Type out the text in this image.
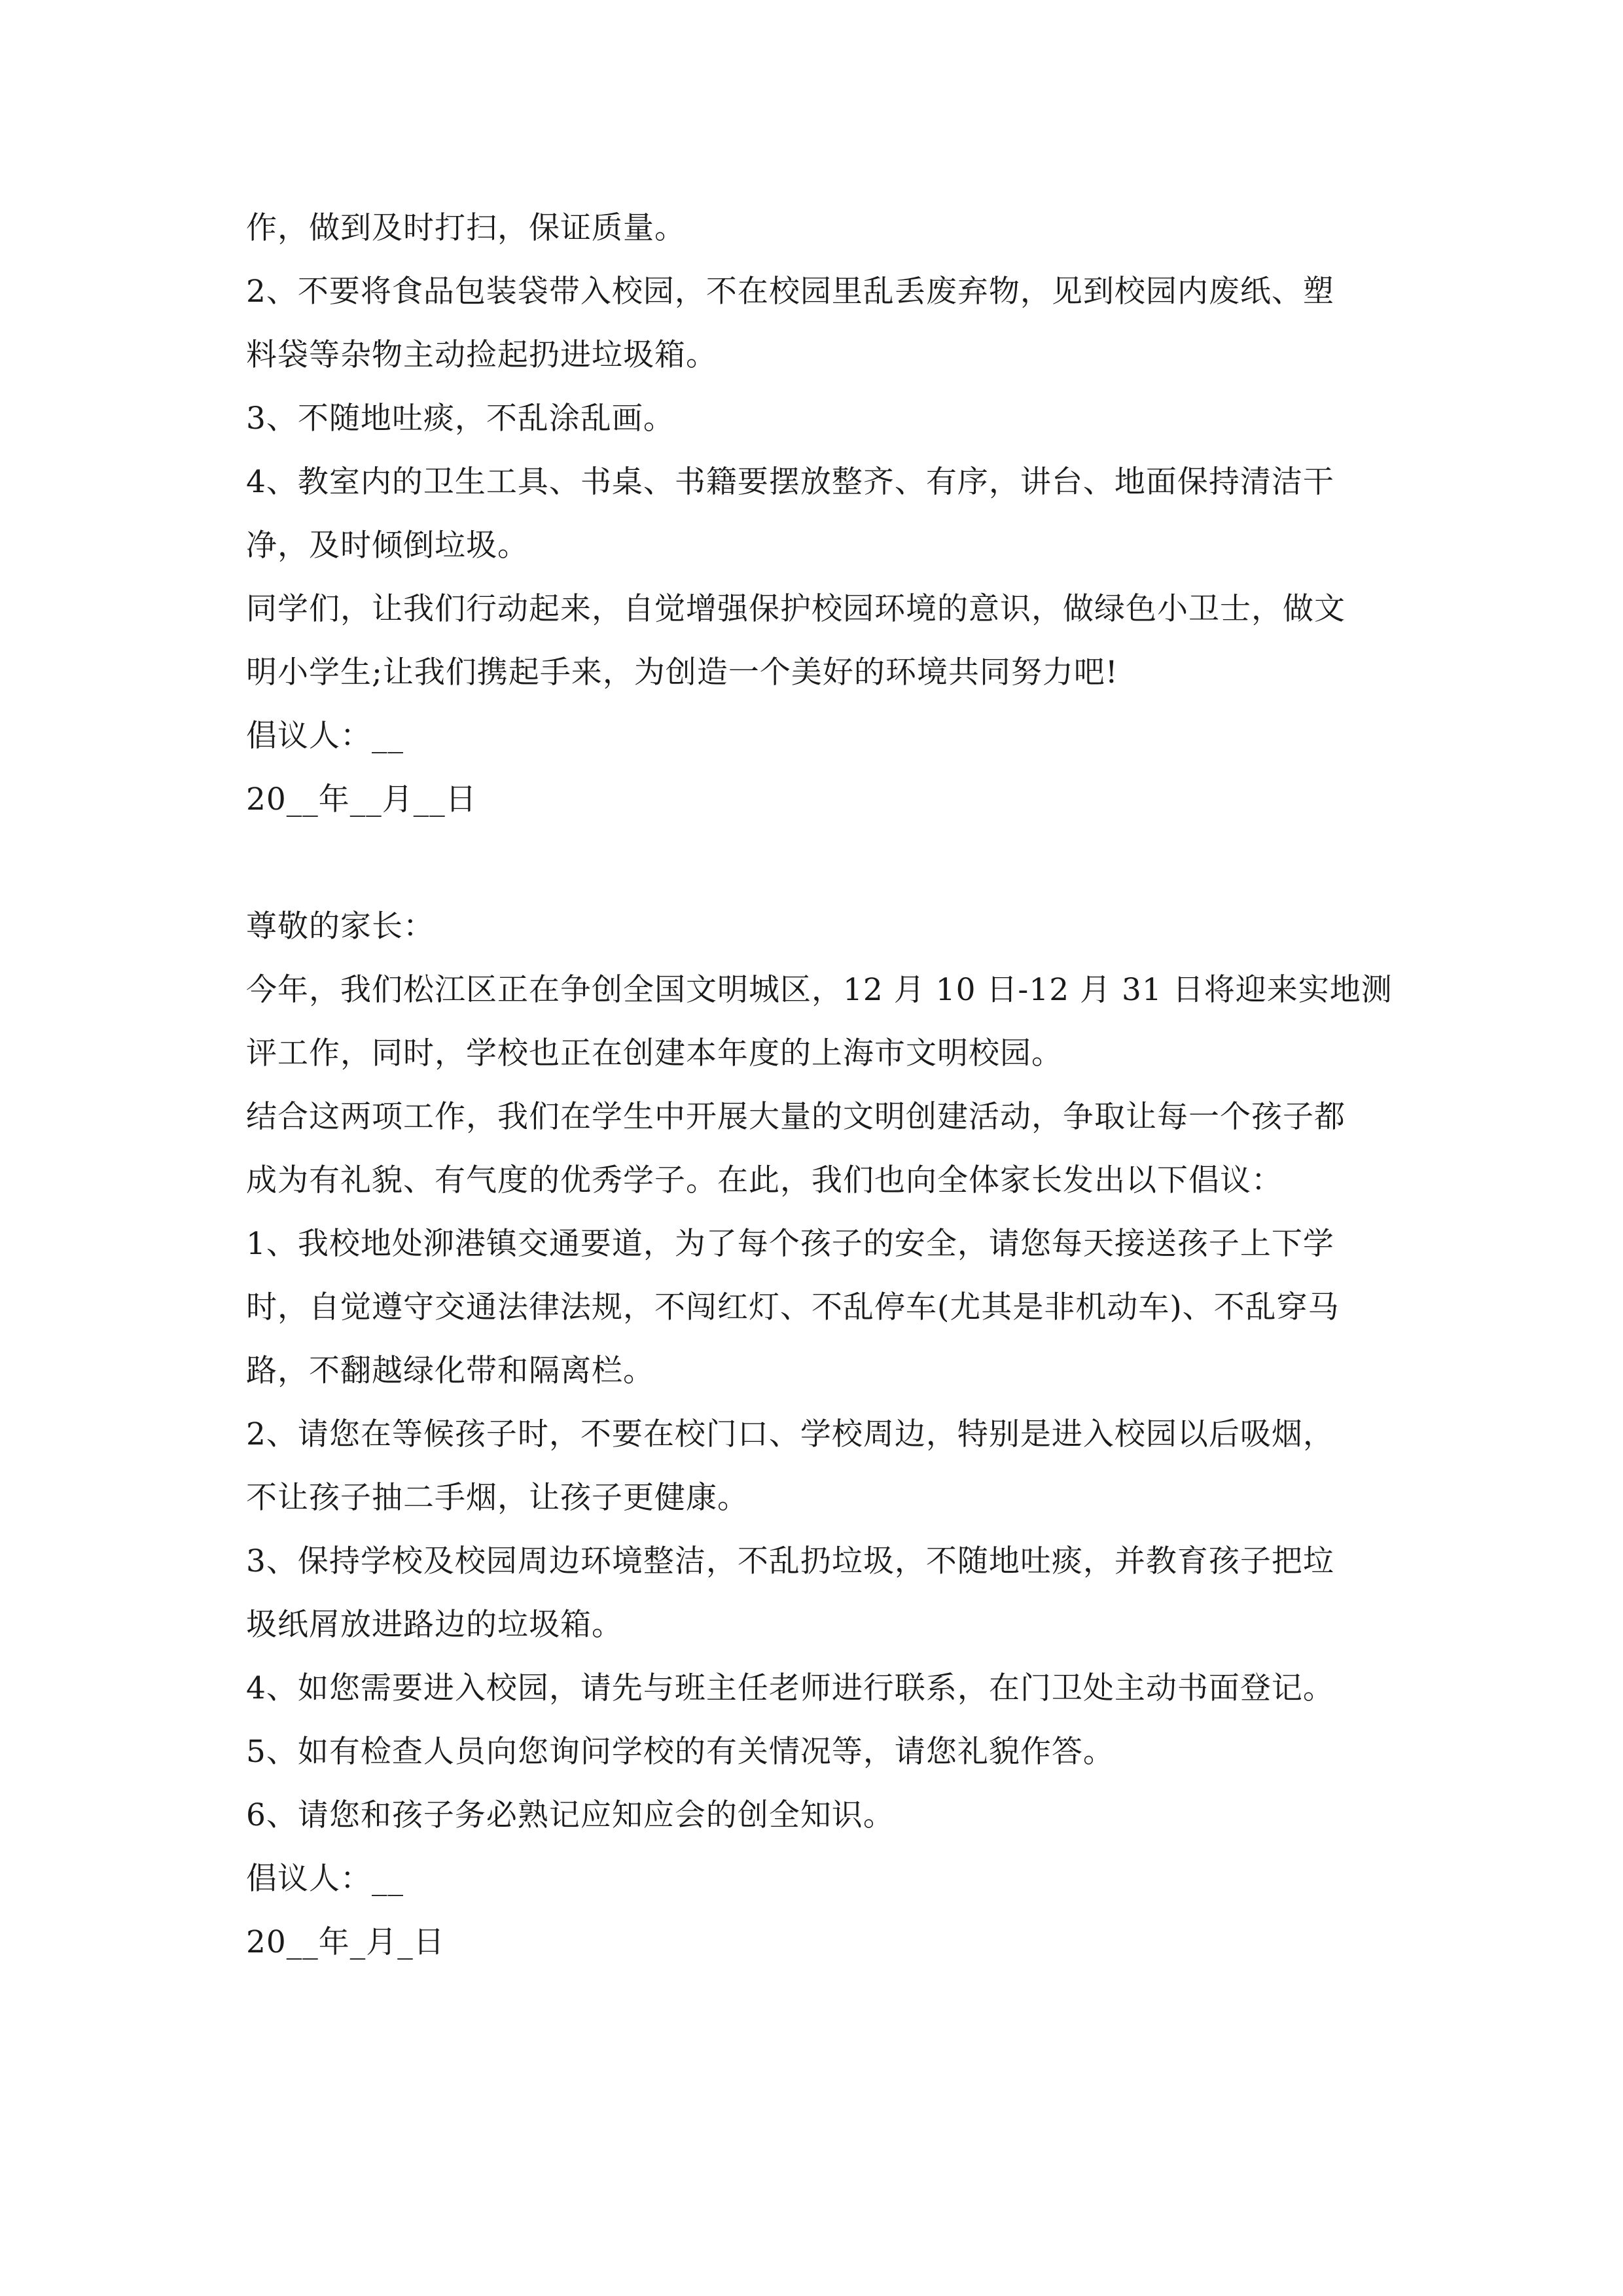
作，做到及时打扫，保证质量。
2、不要将食品包装袋带入校园，不在校园里乱丢废弃物，见到校园内废纸、塑
料袋等杂物主动捡起扔进垃圾箱。
3、不随地吐痰，不乱涂乱画。
4、教室内的卫生工具、书桌、书籍要摆放整齐、有序，讲台、地面保持清洁干
净，及时倾倒垃圾。
同学们，让我们行动起来，自觉增强保护校园环境的意识，做绿色小卫士，做文
明小学生;让我们携起手来，为创造一个美好的环境共同努力吧!
倡议人：__
20__年__月__日
尊敬的家长：
今年，我们松江区正在争创全国文明城区，12 月 10 日-12 月 31 日将迎来实地测
评工作，同时，学校也正在创建本年度的上海市文明校园。
结合这两项工作，我们在学生中开展大量的文明创建活动，争取让每一个孩子都
成为有礼貌、有气度的优秀学子。在此，我们也向全体家长发出以下倡议：
1、我校地处泖港镇交通要道，为了每个孩子的安全，请您每天接送孩子上下学
时，自觉遵守交通法律法规，不闯红灯、不乱停车(尤其是非机动车)、不乱穿马
路，不翻越绿化带和隔离栏。
2、请您在等候孩子时，不要在校门口、学校周边，特别是进入校园以后吸烟，
不让孩子抽二手烟，让孩子更健康。
3、保持学校及校园周边环境整洁，不乱扔垃圾，不随地吐痰，并教育孩子把垃
圾纸屑放进路边的垃圾箱。
4、如您需要进入校园，请先与班主任老师进行联系，在门卫处主动书面登记。
5、如有检查人员向您询问学校的有关情况等，请您礼貌作答。
6、请您和孩子务必熟记应知应会的创全知识。
倡议人：__
20__年_月_日
